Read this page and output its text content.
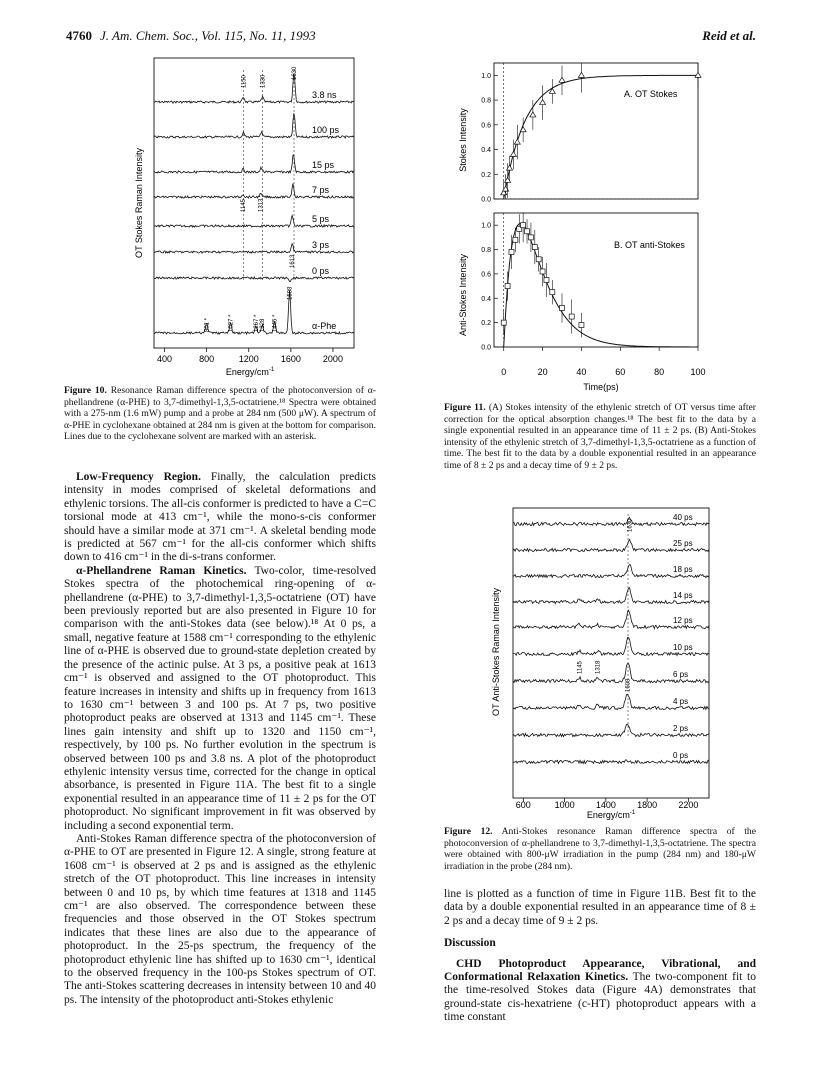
4760 J. Am. Chem. Soc., Vol. 115, No. 11, 1993	Reid et al.
OT Stokes Raman Intensity
3.8 ns
100 ps
15 ps
7 ps
5 ps
3 ps
0 ps
α-Phe
1150 1330
1630
1145 1313
1613
1588
801 *	1027 *	1267 * 1328 1445 *
400	800	1200 1600 2000
Energy/$cm^{-1}$
Figure 10. Resonance Raman difference spectra of the photoconversion of α-phellandrene (α-PHE) to 3,7-dimethyl-1,3,5-octatriene.¹⁸ Spectra were obtained with a 275-nm (1.6 mW) pump and a probe at 284 nm (500 μW). A spectrum of α-PHE in cyclohexane obtained at 284 nm is given at the bottom for comparison. Lines due to the cyclohexane solvent are marked with an asterisk.

Low-Frequency Region. Finally, the calculation predicts intensity in modes comprised of skeletal deformations and ethylenic torsions. The all-cis conformer is predicted to have a C=C torsional mode at 413 cm⁻¹, while the mono-s-cis conformer should have a similar mode at 371 cm⁻¹. A skeletal bending mode is predicted at 567 cm⁻¹ for the all-cis conformer which shifts down to 416 cm⁻¹ in the di-s-trans conformer.

α-Phellandrene Raman Kinetics. Two-color, time-resolved Stokes spectra of the photochemical ring-opening of α-phellandrene (α-PHE) to 3,7-dimethyl-1,3,5-octatriene (OT) have been previously reported but are also presented in Figure 10 for comparison with the anti-Stokes data (see below).¹⁸ At 0 ps, a small, negative feature at 1588 cm⁻¹ corresponding to the ethylenic line of α-PHE is observed due to ground-state depletion created by the presence of the actinic pulse. At 3 ps, a positive peak at 1613 cm⁻¹ is observed and assigned to the OT photoproduct. This feature increases in intensity and shifts up in frequency from 1613 to 1630 cm⁻¹ between 3 and 100 ps. At 7 ps, two positive photoproduct peaks are observed at 1313 and 1145 cm⁻¹. These lines gain intensity and shift up to 1320 and 1150 cm⁻¹, respectively, by 100 ps. No further evolution in the spectrum is observed between 100 ps and 3.8 ns. A plot of the photoproduct ethylenic intensity versus time, corrected for the change in optical absorbance, is presented in Figure 11A. The best fit to a single exponential resulted in an appearance time of 11 ± 2 ps for the OT photoproduct. No significant improvement in fit was observed by including a second exponential term.

Anti-Stokes Raman difference spectra of the photoconversion of α-PHE to OT are presented in Figure 12. A single, strong feature at 1608 cm⁻¹ is observed at 2 ps and is assigned as the ethylenic stretch of the OT photoproduct. This line increases in intensity between 0 and 10 ps, by which time features at 1318 and 1145 cm⁻¹ are also observed. The correspondence between these frequencies and those observed in the OT Stokes spectrum indicates that these lines are also due to the appearance of photoproduct. In the 25-ps spectrum, the frequency of the photoproduct ethylenic line has shifted up to 1630 cm⁻¹, identical to the observed frequency in the 100-ps Stokes spectrum of OT. The anti-Stokes scattering decreases in intensity between 10 and 40 ps. The intensity of the photoproduct anti-Stokes ethylenic

0.0
0.2
0.4
0.6
0.8
1.0
0.0
0.2
0.4
0.6
0.8
1.0
0	20	40	60	80	100
Stokes Intensity
Anti-Stokes Intensity
A. OT Stokes
B. OT anti-Stokes
Time(ps)
Figure 11. (A) Stokes intensity of the ethylenic stretch of OT versus time after correction for the optical absorption changes.¹⁸ The best fit to the data by a single exponential resulted in an appearance time of 11 ± 2 ps. (B) Anti-Stokes intensity of the ethylenic stretch of 3,7-dimethyl-1,3,5-octatriene as a function of time. The best fit to the data by a double exponential resulted in an appearance time of 8 ± 2 ps and a decay time of 9 ± 2 ps.
OT Anti-Stokes Raman Intensity
40 ps
25 ps
18 ps
14 ps
12 ps
10 ps
6 ps
4 ps
2 ps
0 ps
1630
1145 1318
1608
600	1000 1400 1800 2200
Energy/$cm^{-1}$
Figure 12. Anti-Stokes resonance Raman difference spectra of the photoconversion of α-phellandrene to 3,7-dimethyl-1,3,5-octatriene. The spectra were obtained with 800-μW irradiation in the pump (284 nm) and 180-μW irradiation in the probe (284 nm).

line is plotted as a function of time in Figure 11B. Best fit to the data by a double exponential resulted in an appearance time of 8 ± 2 ps and a decay time of 9 ± 2 ps.

Discussion

CHD Photoproduct Appearance, Vibrational, and Conformational Relaxation Kinetics. The two-component fit to the time-resolved Stokes data (Figure 4A) demonstrates that ground-state cis-hexatriene (c-HT) photoproduct appears with a time constant
